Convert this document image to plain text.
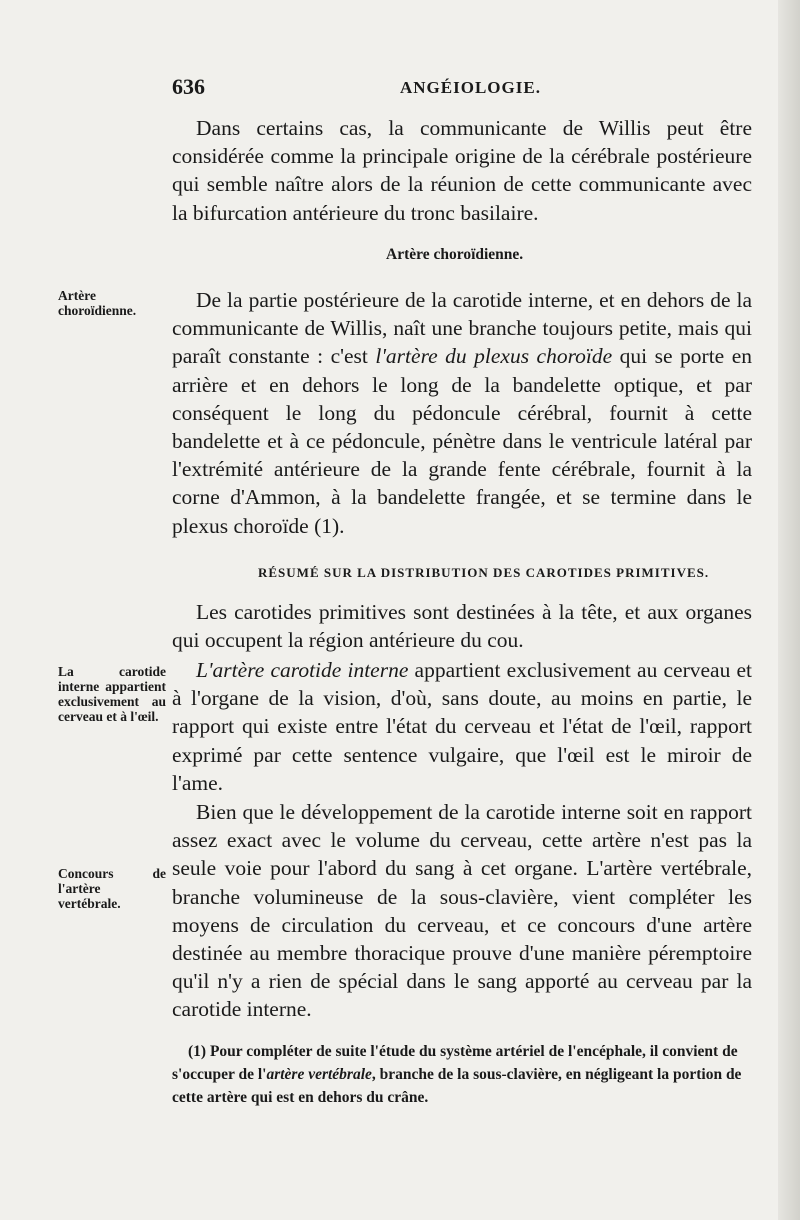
636	ANGÉIOLOGIE.

Dans certains cas, la communicante de Willis peut être considérée comme la principale origine de la cérébrale postérieure qui semble naître alors de la réunion de cette communicante avec la bifurcation antérieure du tronc basilaire.

Artère choroïdienne.
Artère choroïdienne.	De la partie postérieure de la carotide interne, et en dehors de la communicante de Willis, naît une branche toujours petite, mais qui paraît constante : c'est l'artère du plexus choroïde qui se porte en arrière et en dehors le long de la bandelette optique, et par conséquent le long du pédoncule cérébral, fournit à cette bandelette et à ce pédoncule, pénètre dans le ventricule latéral par l'extrémité antérieure de la grande fente cérébrale, fournit à la corne d'Ammon, à la bandelette frangée, et se termine dans le plexus choroïde (1).

RÉSUMÉ SUR LA DISTRIBUTION DES CAROTIDES PRIMITIVES.

Les carotides primitives sont destinées à la tête, et aux organes qui occupent la région antérieure du cou.

La carotide interne appartient exclusivement au cerveau et à l'œil.

L'artère carotide interne appartient exclusivement au cerveau et à l'organe de la vision, d'où, sans doute, au moins en partie, le rapport qui existe entre l'état du cerveau et l'état de l'œil, rapport exprimé par cette sentence vulgaire, que l'œil est le miroir de l'ame.

Concours de l'artère vertébrale.

Bien que le développement de la carotide interne soit en rapport assez exact avec le volume du cerveau, cette artère n'est pas la seule voie pour l'abord du sang à cet organe. L'artère vertébrale, branche volumineuse de la sous-clavière, vient compléter les moyens de circulation du cerveau, et ce concours d'une artère destinée au membre thoracique prouve d'une manière péremptoire qu'il n'y a rien de spécial dans le sang apporté au cerveau par la carotide interne.

(1) Pour compléter de suite l'étude du système artériel de l'encéphale, il convient de s'occuper de l'artère vertébrale, branche de la sous-clavière, en négligeant la portion de cette artère qui est en dehors du crâne.
